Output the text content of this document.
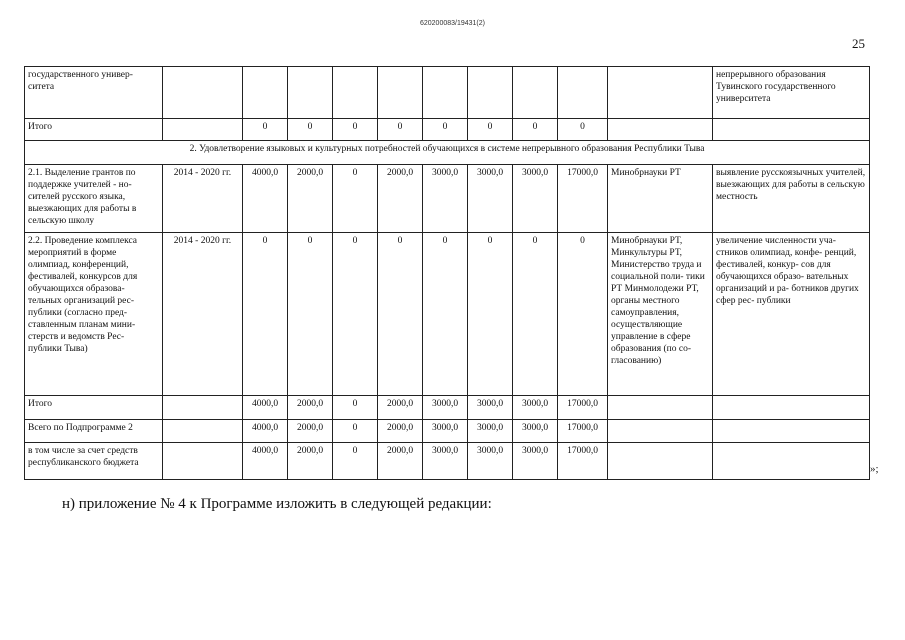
620200083/19431(2)
25
государственного универ- ситета											непрерывного образования Тувинского государственного университета
Итого		0	0	0	0	0	0	0	0		
2. Удовлетворение языковых и культурных потребностей обучающихся в системе непрерывного образования Республики Тыва											
2.1. Выделение грантов по поддержке учителей - но- сителей русского языка, выезжающих для работы в сельскую школу	2014 - 2020 гг.	4000,0	2000,0	0	2000,0	3000,0	3000,0	3000,0	17000,0	Минобрнауки РТ	выявление русскоязычных учителей, выезжающих для работы в сельскую местность
2.2. Проведение комплекса мероприятий в форме олимпиад, конференций, фестивалей, конкурсов для обучающихся образова- тельных организаций рес- публики (согласно пред- ставленным планам мини- стерств и ведомств Рес- публики Тыва)	2014 - 2020 гг.	0	0	0	0	0	0	0	0	Минобрнауки РТ, Минкультуры РТ, Министерство труда и социальной поли- тики РТ Минмолодежи РТ, органы местного самоуправления, осуществляющие управление в сфере образования (по со- гласованию)	увеличение численности уча- стников олимпиад, конфе- ренций, фестивалей, конкур- сов для обучающихся образо- вательных организаций и ра- ботников других сфер рес- публики
Итого		4000,0	2000,0	0	2000,0	3000,0	3000,0	3000,0	17000,0		
Всего по Подпрограмме 2		4000,0	2000,0	0	2000,0	3000,0	3000,0	3000,0	17000,0		
в том числе за счет средств республиканского бюджета		4000,0	2000,0	0	2000,0	3000,0	3000,0	3000,0	17000,0		
»;
н) приложение № 4 к Программе изложить в следующей редакции:
